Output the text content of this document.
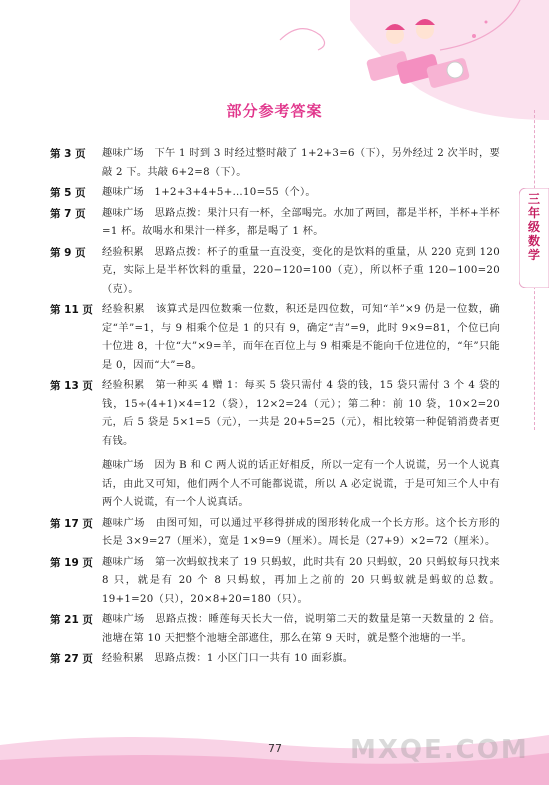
部分参考答案
三年级数学
第 3 页 趣味广场　下午 1 时到 3 时经过整时敲了 1+2+3=6（下），另外经过 2 次半时，要敲 2 下。共敲 6+2=8（下）。
第 5 页 趣味广场　1+2+3+4+5+…10=55（个）。
第 7 页 趣味广场　思路点拨：果汁只有一杯，全部喝完。水加了两回，都是半杯，半杯+半杯=1 杯。故喝水和果汁一样多，都是喝了 1 杯。
第 9 页 经验积累　思路点拨：杯子的重量一直没变，变化的是饮料的重量，从 220 克到 120 克，实际上是半杯饮料的重量，220−120=100（克），所以杯子重 120−100=20（克）。
第 11 页 经验积累　该算式是四位数乘一位数，积还是四位数，可知“羊”×9 仍是一位数，确定“羊”=1，与 9 相乘个位是 1 的只有 9，确定“吉”=9，此时 9×9=81，个位已向十位进 8，十位“大”×9=羊，而年在百位上与 9 相乘是不能向千位进位的，“年”只能是 0，因而“大”=8。
第 13 页 经验积累　第一种买 4 赠 1：每买 5 袋只需付 4 袋的钱，15 袋只需付 3 个 4 袋的钱，15÷(4+1)×4=12（袋），12×2=24（元）；第二种：前 10 袋，10×2=20 元，后 5 袋是 5×1=5（元），一共是 20+5=25（元），相比较第一种促销消费者更有钱。
趣味广场　因为 B 和 C 两人说的话正好相反，所以一定有一个人说谎，另一个人说真话，由此又可知，他们两个人不可能都说谎，所以 A 必定说谎，于是可知三个人中有两个人说谎，有一个人说真话。
第 17 页 趣味广场　由图可知，可以通过平移得拼成的图形转化成一个长方形。这个长方形的长是 3×9=27（厘米），宽是 1×9=9（厘米）。周长是（27+9）×2=72（厘米）。
第 19 页 趣味广场　第一次蚂蚁找来了 19 只蚂蚁，此时共有 20 只蚂蚁，20 只蚂蚁每只找来 8 只，就是有 20 个 8 只蚂蚁，再加上之前的 20 只蚂蚁就是蚂蚁的总数。19+1=20（只），20×8+20=180（只）。
第 21 页 趣味广场　思路点拨：睡莲每天长大一倍，说明第二天的数量是第一天数量的 2 倍。池塘在第 10 天把整个池塘全部遮住，那么在第 9 天时，就是整个池塘的一半。
第 27 页 经验积累　思路点拨：1 小区门口一共有 10 面彩旗。
77	MXQE.COM
